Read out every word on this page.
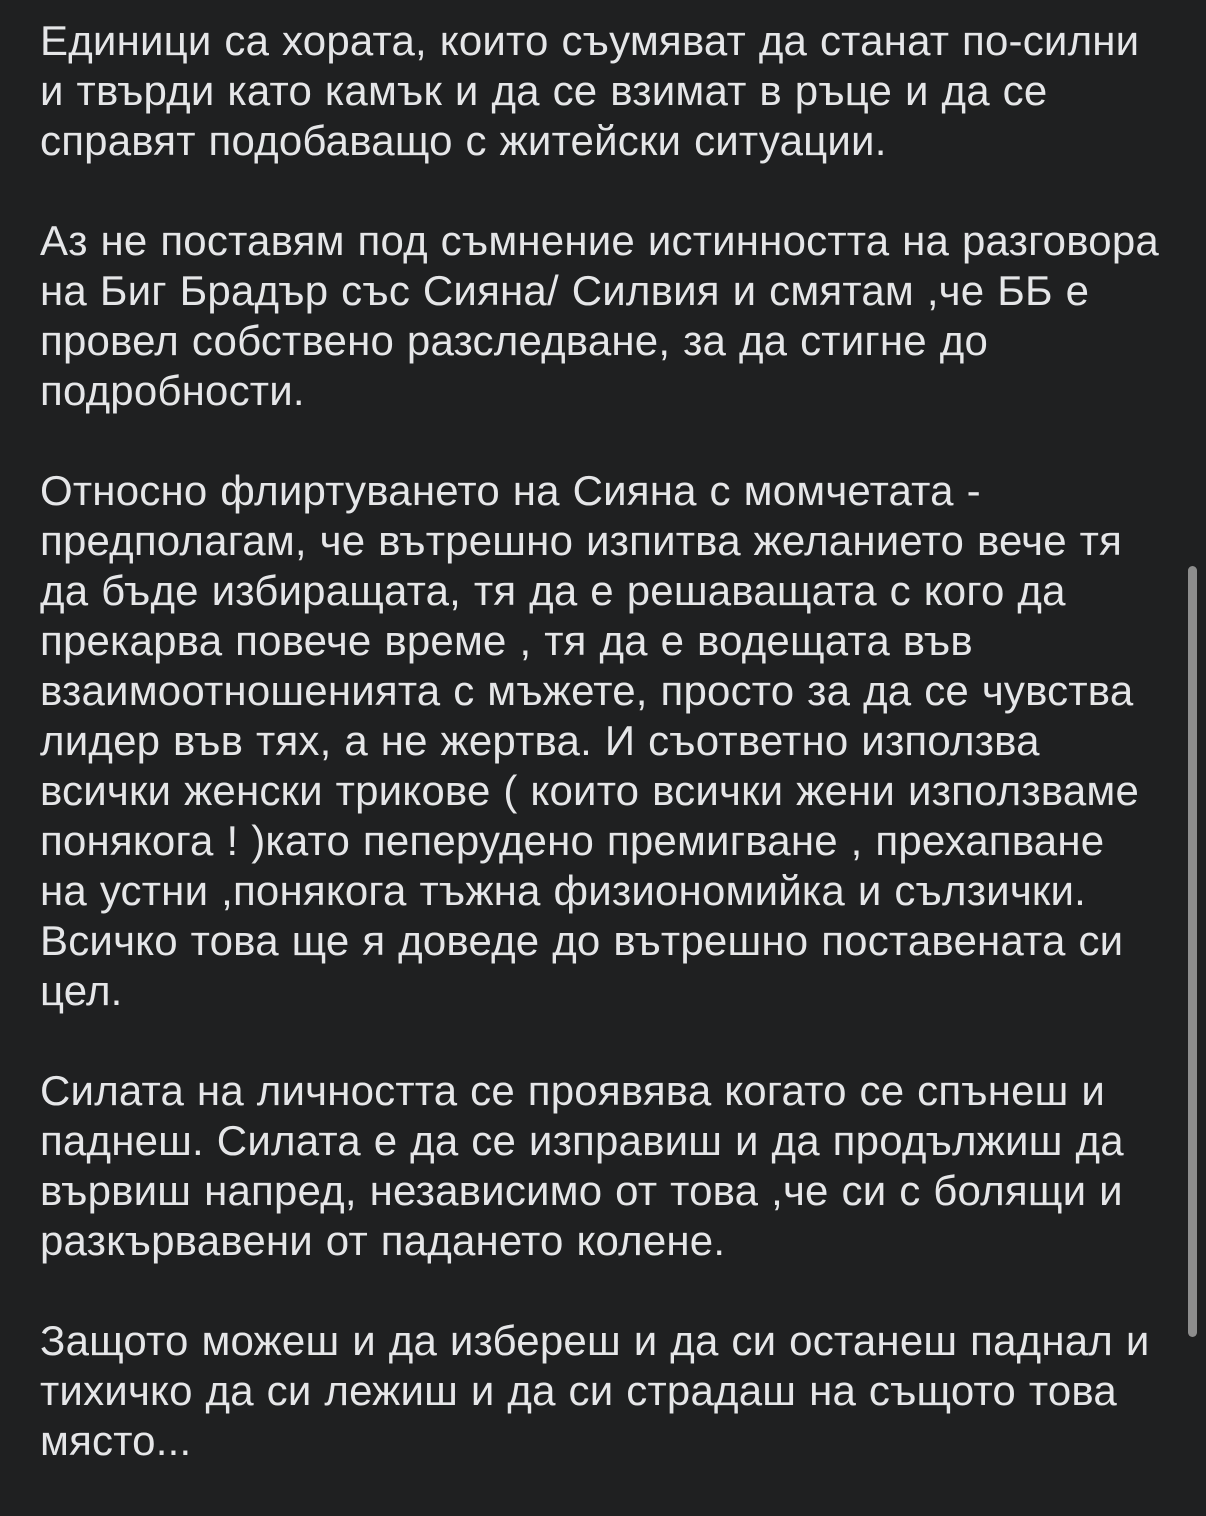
Единици са хората, които съумяват да станат по-силни и твърди като камък и да се взимат в ръце и да се справят подобаващо с житейски ситуации.

Аз не поставям под съмнение истинността на разговора на Биг Брадър със Сияна/ Силвия и смятам ,че ББ е провел собствено разследване, за да стигне до подробности.

Относно флиртуването на Сияна с момчетата - предполагам, че вътрешно изпитва желанието вече тя да бъде избиращата, тя да е решаващата с кого да прекарва повече време , тя да е водещата във взаимоотношенията с мъжете, просто за да се чувства лидер във тях, а не жертва. И съответно използва всички женски трикове ( които всички жени използваме понякога ! )като пеперудено премигване , прехапване на устни ,понякога тъжна физиономийка и сълзички. Всичко това ще я доведе до вътрешно поставената си цел.

Силата на личността се проявява когато се спънеш и паднеш. Силата е да се изправиш и да продължиш да вървиш напред, независимо от това ,че си с болящи и разкървавени от падането колене.

Защото можеш и да избереш и да си останеш паднал и тихичко да си лежиш и да си страдаш на същото това място...
